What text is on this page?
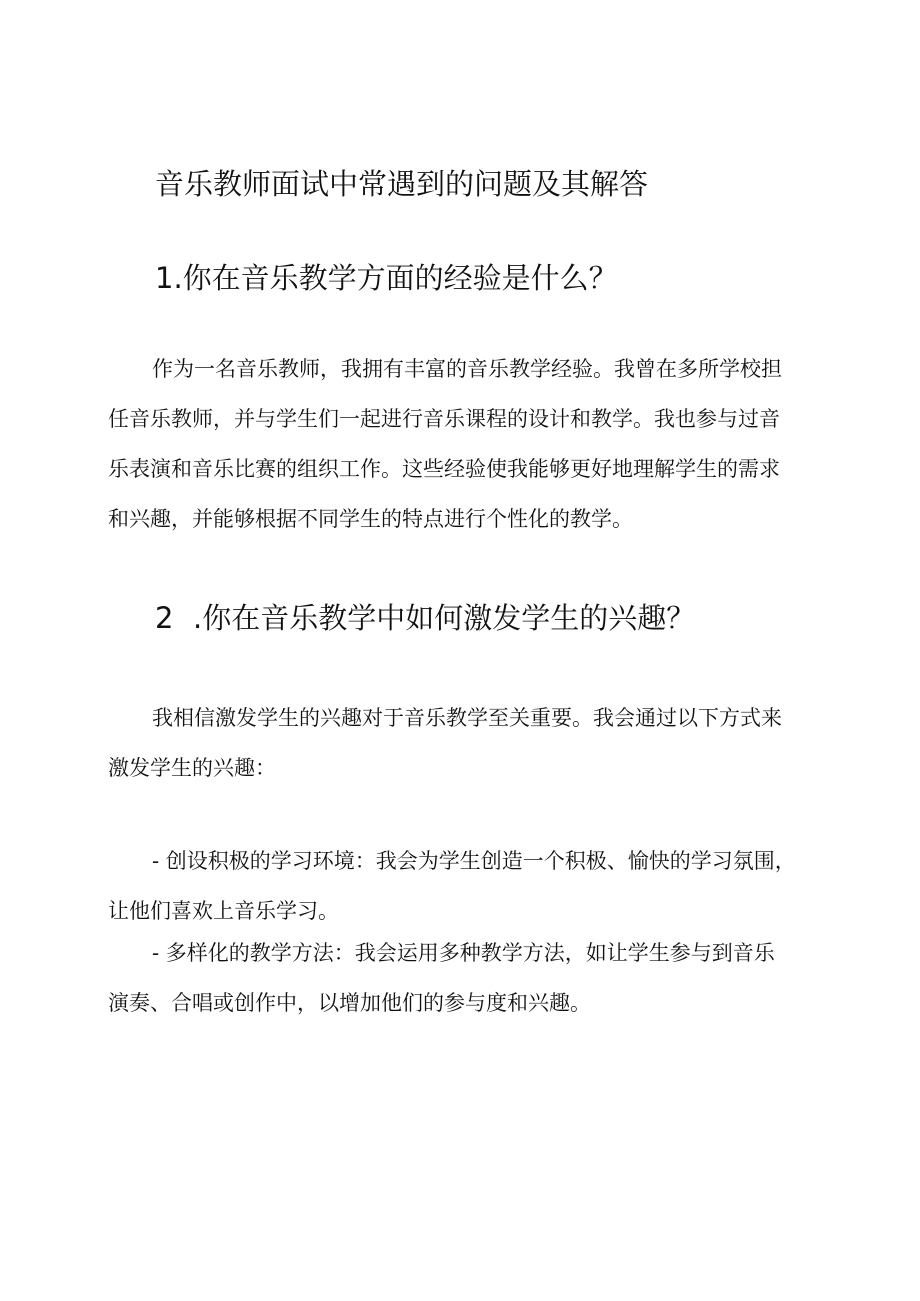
音乐教师面试中常遇到的问题及其解答
1.你在音乐教学方面的经验是什么？

作为一名音乐教师，我拥有丰富的音乐教学经验。我曾在多所学校担
任音乐教师，并与学生们一起进行音乐课程的设计和教学。我也参与过音
乐表演和音乐比赛的组织工作。这些经验使我能够更好地理解学生的需求
和兴趣，并能够根据不同学生的特点进行个性化的教学。

2 .你在音乐教学中如何激发学生的兴趣？

我相信激发学生的兴趣对于音乐教学至关重要。我会通过以下方式来
激发学生的兴趣：

- 创设积极的学习环境：我会为学生创造一个积极、愉快的学习氛围，
让他们喜欢上音乐学习。

- 多样化的教学方法：我会运用多种教学方法，如让学生参与到音乐
演奏、合唱或创作中，以增加他们的参与度和兴趣。
